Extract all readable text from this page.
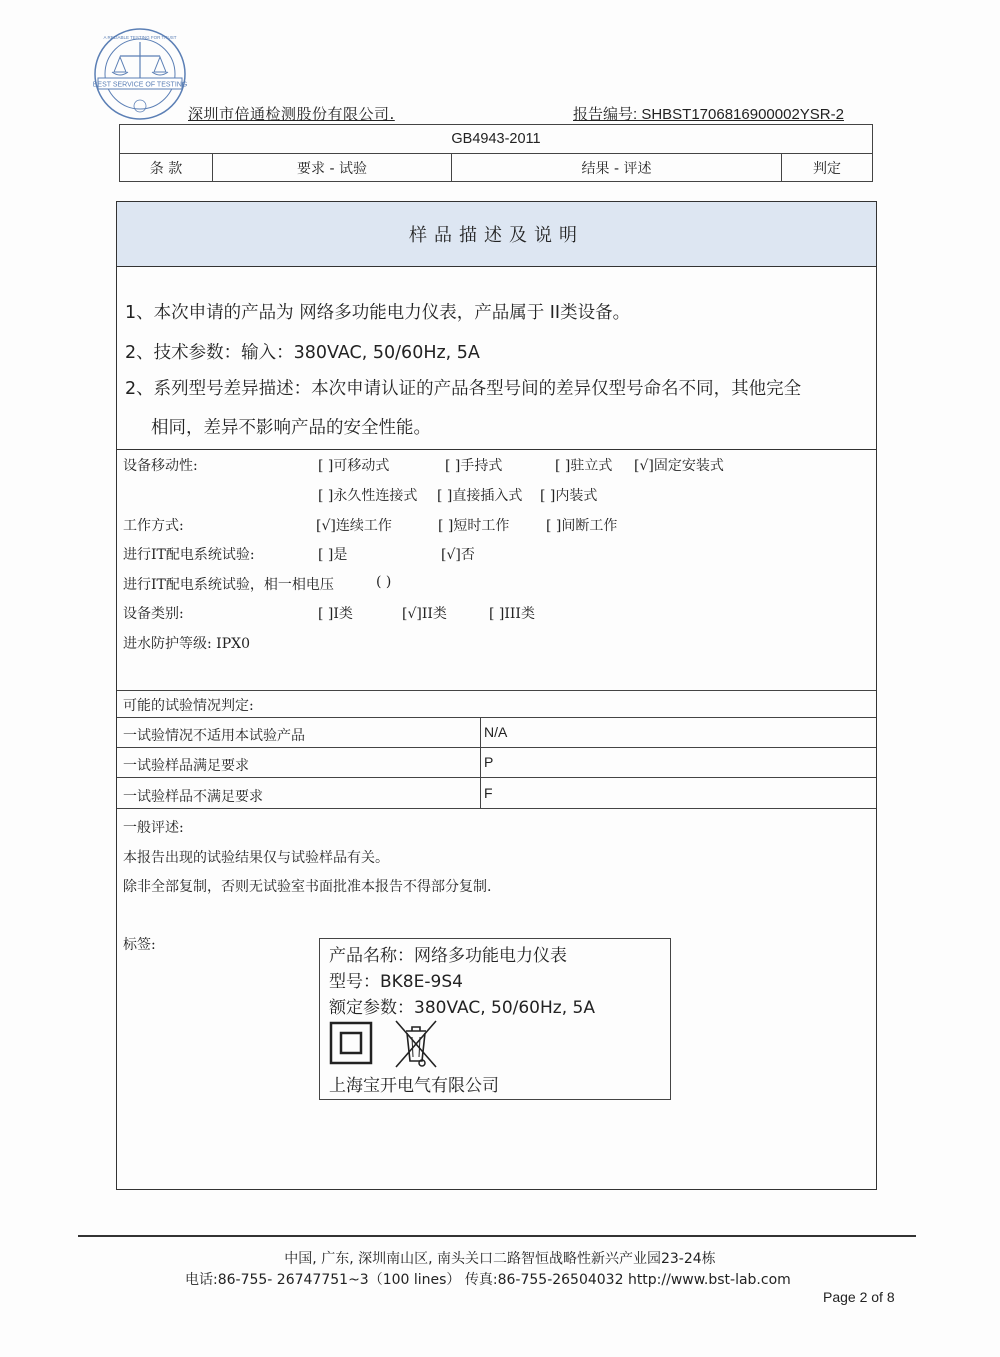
BEST SERVICE OF TESTING
A RELIABLE TESTING FOR TRUST
深圳市倍通检测股份有限公司.	报告编号: SHBST1706816900002YSR-2
GB4943-2011
条 款	要求 - 试验	结果 - 评述	判定
样品描述及说明
1、本次申请的产品为 网络多功能电力仪表，产品属于 II类设备。
2、技术参数：输入：380VAC, 50/60Hz, 5A
2、系列型号差异描述：本次申请认证的产品各型号间的差异仅型号命名不同，其他完全
相同，差异不影响产品的安全性能。
设备移动性:	[ ]可移动式	[ ]手持式	[ ]驻立式 [√]固定安装式
[ ]永久性连接式 [ ]直接插入式 [ ]内装式
工作方式:	[√]连续工作	[ ]短时工作	[ ]间断工作
进行IT配电系统试验:	[ ]是	[√]否
进行IT配电系统试验，相一相电压	( )
设备类别:	[ ]I类	[√]II类	[ ]III类
进水防护等级: IPX0
可能的试验情况判定:
一试验情况不适用本试验产品	N/A
一试验样品满足要求	P
一试验样品不满足要求	F
一般评述:
本报告出现的试验结果仅与试验样品有关。
除非全部复制，否则无试验室书面批准本报告不得部分复制.
标签:
产品名称：网络多功能电力仪表
型号：BK8E-9S4
额定参数：380VAC, 50/60Hz, 5A
上海宝开电气有限公司
中国, 广东, 深圳南山区, 南头关口二路智恒战略性新兴产业园23-24栋
电话:86-755- 26747751~3（100 lines） 传真:86-755-26504032 http://www.bst-lab.com
Page 2 of 8
